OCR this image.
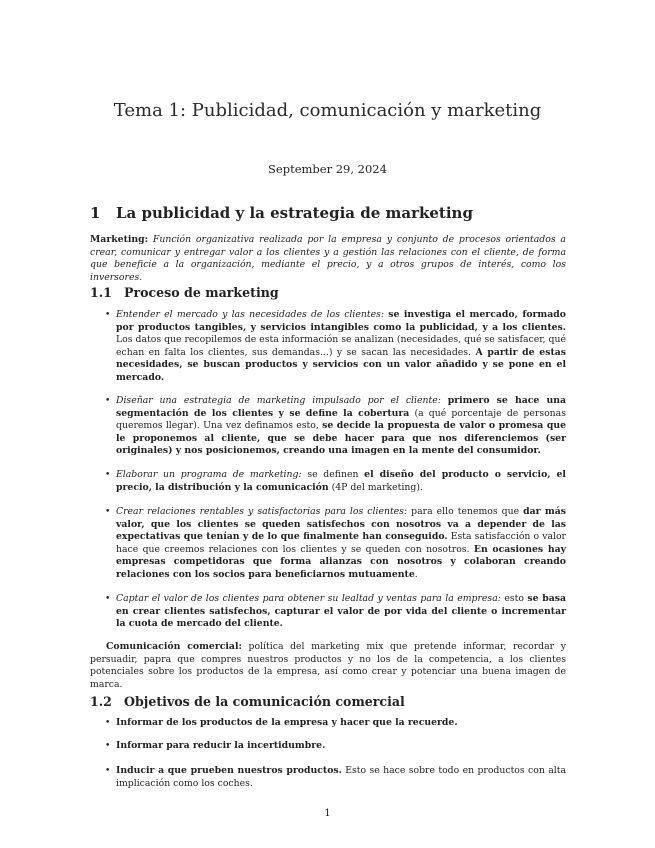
Tema 1: Publicidad, comunicación y marketing
September 29, 2024
1 La publicidad y la estrategia de marketing
Marketing: Función organizativa realizada por la empresa y conjunto de procesos orientados a crear, comunicar y entregar valor a los clientes y a gestión las relaciones con el cliente, de forma que beneficie a la organización, mediante el precio, y a otros grupos de interés, como los inversores.
1.1 Proceso de marketing
• Entender el mercado y las necesidades de los clientes: se investiga el mercado, formado por productos tangibles, y servicios intangibles como la publicidad, y a los clientes. Los datos que recopilemos de esta información se analizan (necesidades, qué se satisfacer, qué echan en falta los clientes, sus demandas...) y se sacan las necesidades. A partir de estas necesidades, se buscan productos y servicios con un valor añadido y se pone en el mercado.
• Diseñar una estrategia de marketing impulsado por el cliente: primero se hace una segmentación de los clientes y se define la cobertura (a qué porcentaje de personas queremos llegar). Una vez definamos esto, se decide la propuesta de valor o promesa que le proponemos al cliente, que se debe hacer para que nos diferenciemos (ser originales) y nos posicionemos, creando una imagen en la mente del consumidor.
• Elaborar un programa de marketing: se definen el diseño del producto o servicio, el precio, la distribución y la comunicación (4P del marketing).
• Crear relaciones rentables y satisfactorias para los clientes: para ello tenemos que dar más valor, que los clientes se queden satisfechos con nosotros va a depender de las expectativas que tenían y de lo que finalmente han conseguido. Esta satisfacción o valor hace que creemos relaciones con los clientes y se queden con nosotros. En ocasiones hay empresas competidoras que forma alianzas con nosotros y colaboran creando relaciones con los socios para beneficiarnos mutuamente.
• Captar el valor de los clientes para obtener su lealtad y ventas para la empresa: esto se basa en crear clientes satisfechos, capturar el valor de por vida del cliente o incrementar la cuota de mercado del cliente.
Comunicación comercial: política del marketing mix que pretende informar, recordar y persuadir, papra que compres nuestros productos y no los de la competencia, a los clientes potenciales sobre los productos de la empresa, así como crear y potenciar una buena imagen de marca.
1.2 Objetivos de la comunicación comercial
• Informar de los productos de la empresa y hacer que la recuerde.
• Informar para reducir la incertidumbre.
• Inducir a que prueben nuestros productos. Esto se hace sobre todo en productos con alta implicación como los coches.
1
